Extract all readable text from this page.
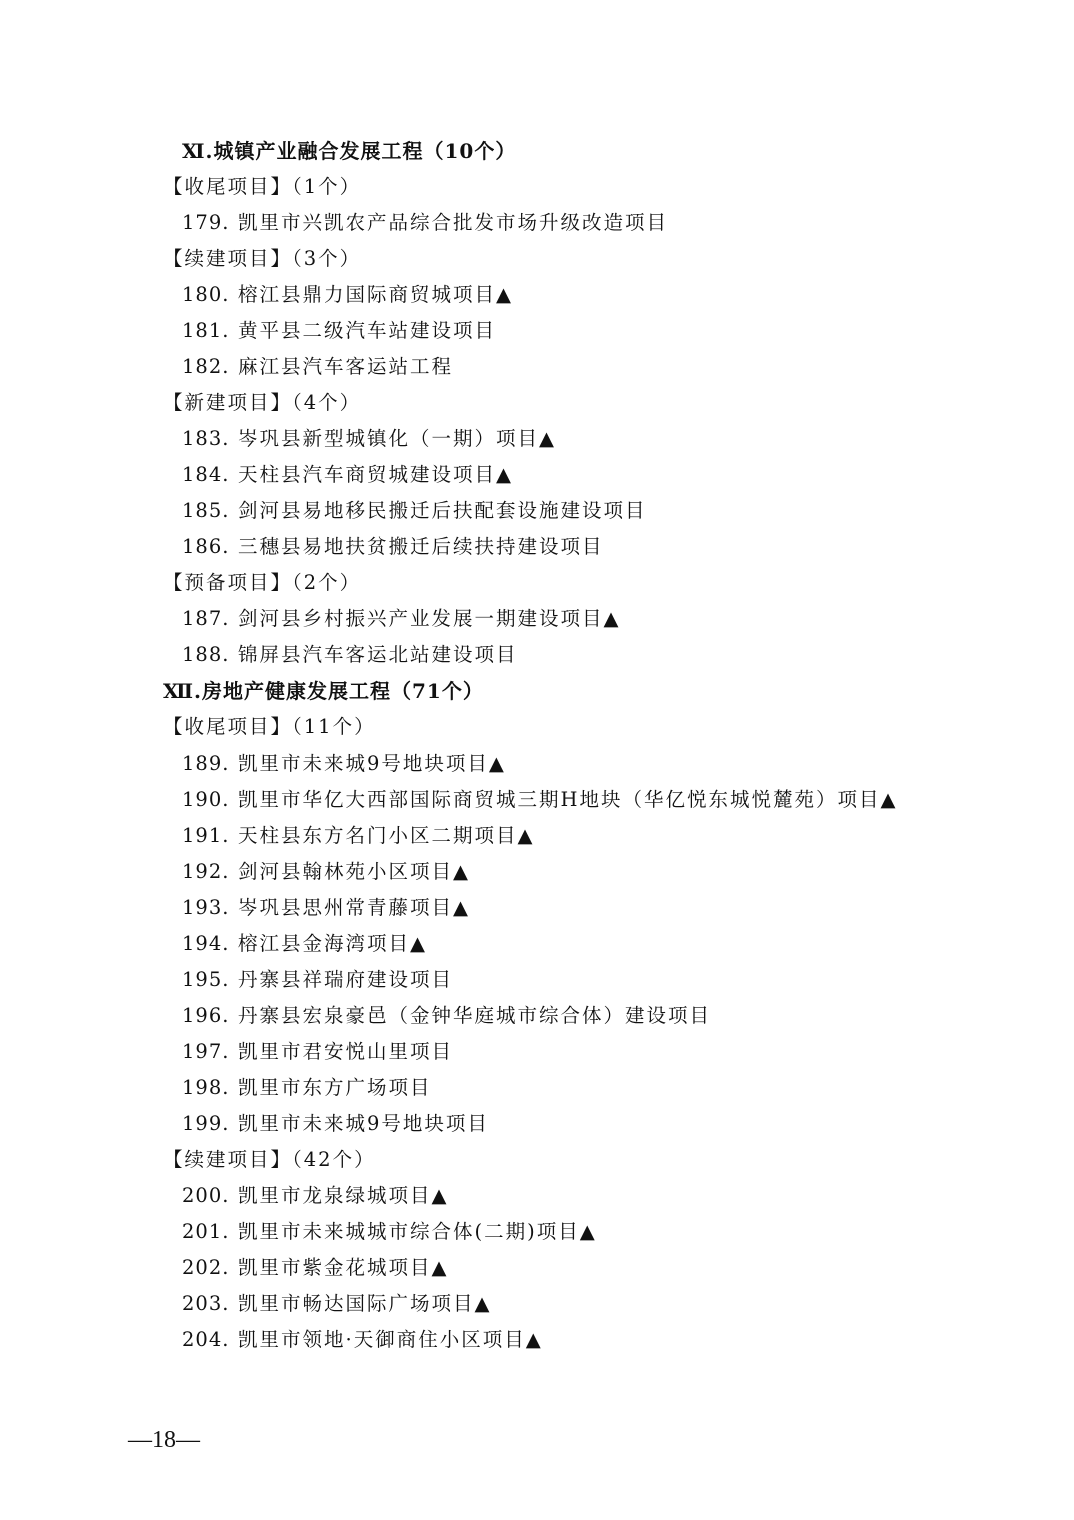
Ⅺ.城镇产业融合发展工程（10个）
【收尾项目】（1个）
179. 凯里市兴凯农产品综合批发市场升级改造项目
【续建项目】（3个）
180. 榕江县鼎力国际商贸城项目▲
181. 黄平县二级汽车站建设项目
182. 麻江县汽车客运站工程
【新建项目】（4个）
183. 岑巩县新型城镇化（一期）项目▲
184. 天柱县汽车商贸城建设项目▲
185. 剑河县易地移民搬迁后扶配套设施建设项目
186. 三穗县易地扶贫搬迁后续扶持建设项目
【预备项目】（2个）
187. 剑河县乡村振兴产业发展一期建设项目▲
188. 锦屏县汽车客运北站建设项目
Ⅻ.房地产健康发展工程（71个）
【收尾项目】（11个）
189. 凯里市未来城9号地块项目▲
190. 凯里市华亿大西部国际商贸城三期H地块（华亿悦东城悦麓苑）项目▲
191. 天柱县东方名门小区二期项目▲
192. 剑河县翰林苑小区项目▲
193. 岑巩县思州常青藤项目▲
194. 榕江县金海湾项目▲
195. 丹寨县祥瑞府建设项目
196. 丹寨县宏泉豪邑（金钟华庭城市综合体）建设项目
197. 凯里市君安悦山里项目
198. 凯里市东方广场项目
199. 凯里市未来城9号地块项目
【续建项目】（42个）
200. 凯里市龙泉绿城项目▲
201. 凯里市未来城城市综合体(二期)项目▲
202. 凯里市紫金花城项目▲
203. 凯里市畅达国际广场项目▲
204. 凯里市领地·天御商住小区项目▲
—18—
